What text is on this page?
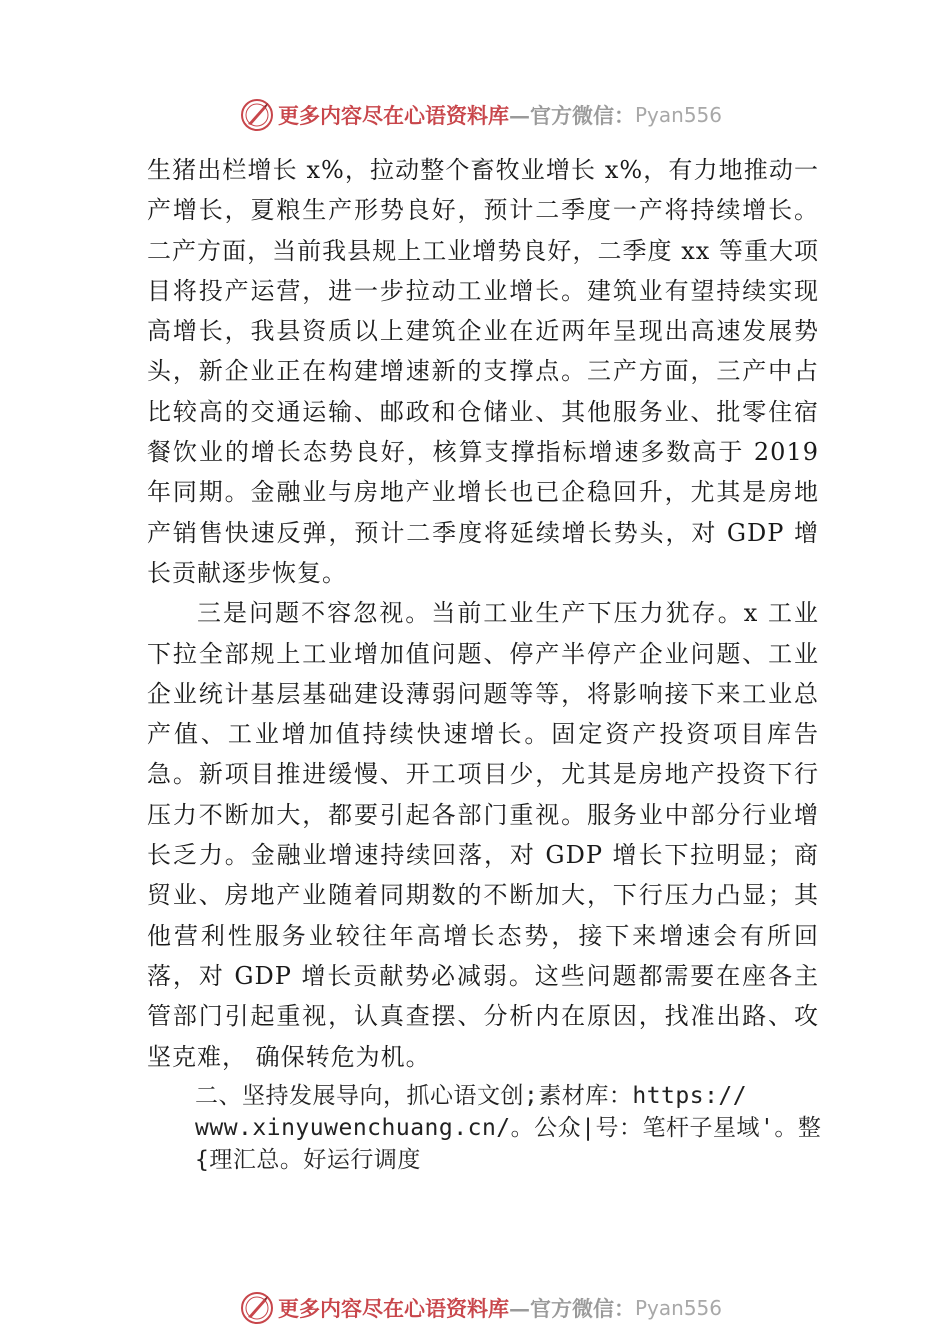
更多内容尽在心语资料库 —官方微信： Pyan556

生猪出栏增长 x%，拉动整个畜牧业增长 x%，有力地推动一产增长，夏粮生产形势良好，预计二季度一产将持续增长。 二产方面，当前我县规上工业增势良好，二季度 xx 等重大项目将投产运营，进一步拉动工业增长。建筑业有望持续实现高增长，我县资质以上建筑企业在近两年呈现出高速发展势头，新企业正在构建增速新的支撑点。三产方面，三产中占比较高的交通运输、邮政和仓储业、其他服务业、批零住宿餐饮业的增长态势良好，核算支撑指标增速多数高于 2019 年同期。金融业与房地产业增长也已企稳回升，尤其是房地产销售快速反弹，预计二季度将延续增长势头，对 GDP 增长贡献逐步恢复。

三是问题不容忽视。当前工业生产下压力犹存。x 工业下拉全部规上工业增加值问题、停产半停产企业问题、工业企业统计基层基础建设薄弱问题等等，将影响接下来工业总产值、工业增加值持续快速增长。固定资产投资项目库告急。新项目推进缓慢、开工项目少，尤其是房地产投资下行压力不断加大，都要引起各部门重视。服务业中部分行业增长乏力。金融业增速持续回落，对 GDP 增长下拉明显；商贸业、房地产业随着同期数的不断加大，下行压力凸显；其他营利性服务业较往年高增长态势，接下来增速会有所回落，对 GDP 增长贡献势必减弱。这些问题都需要在座各主管部门引起重视，认真查摆、分析内在原因，找准出路、攻坚克难， 确保转危为机。

二、坚持发展导向，抓心语文创;素材库：https://
www.xinyuwenchuang.cn/。公众|号：笔杆子星域'。整
{理汇总。好运行调度
更多内容尽在心语资料库 —官方微信： Pyan556
